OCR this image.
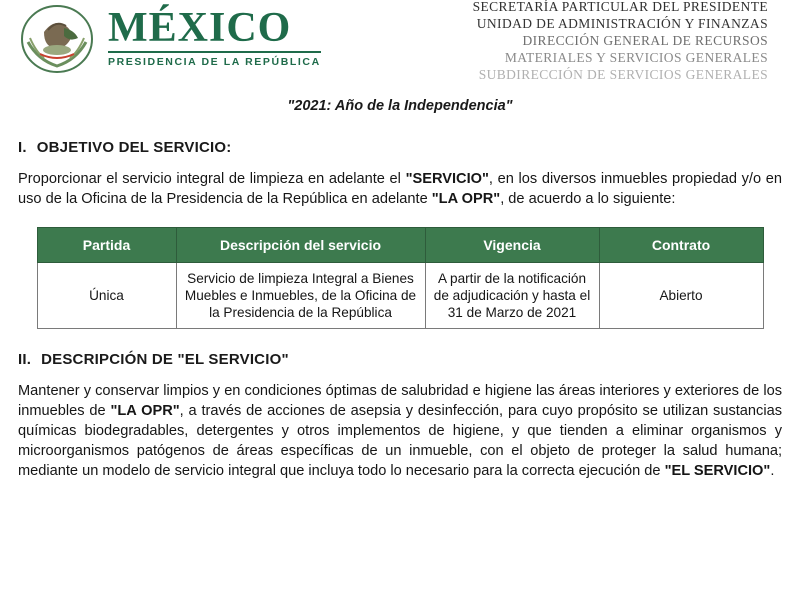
MÉXICO
PRESIDENCIA DE LA REPÚBLICA
SECRETARÍA PARTICULAR DEL PRESIDENTE
UNIDAD DE ADMINISTRACIÓN Y FINANZAS
DIRECCIÓN GENERAL DE RECURSOS
MATERIALES Y SERVICIOS GENERALES
SUBDIRECCIÓN DE SERVICIOS GENERALES
"2021: Año de la Independencia"
I. OBJETIVO DEL SERVICIO:

Proporcionar el servicio integral de limpieza en adelante el "SERVICIO", en los diversos inmuebles propiedad y/o en uso de la Oficina de la Presidencia de la República en adelante "LA OPR", de acuerdo a lo siguiente:

Partida	Descripción del servicio	Vigencia	Contrato
Única	Servicio de limpieza Integral a Bienes Muebles e Inmuebles, de la Oficina de la Presidencia de la República	A partir de la notificación de adjudicación y hasta el 31 de Marzo de 2021	Abierto
II. DESCRIPCIÓN DE "EL SERVICIO"

Mantener y conservar limpios y en condiciones óptimas de salubridad e higiene las áreas interiores y exteriores de los inmuebles de "LA OPR", a través de acciones de asepsia y desinfección, para cuyo propósito se utilizan sustancias químicas biodegradables, detergentes y otros implementos de higiene, y que tienden a eliminar organismos y microorganismos patógenos de áreas específicas de un inmueble, con el objeto de proteger la salud humana; mediante un modelo de servicio integral que incluya todo lo necesario para la correcta ejecución de "EL SERVICIO".
